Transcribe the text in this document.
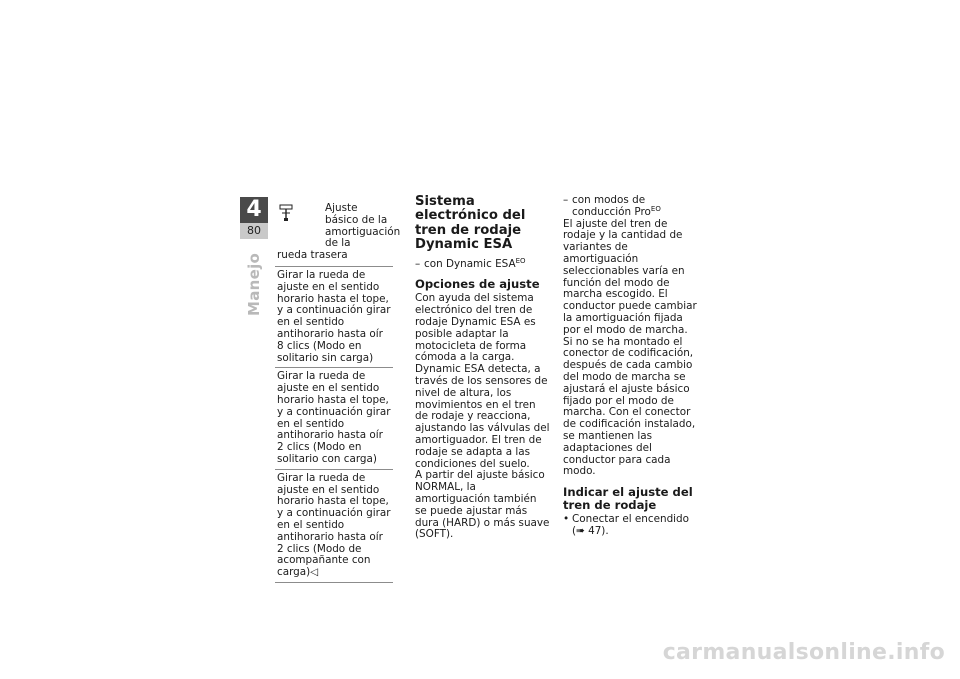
4
80
Manejo
Ajuste básico de la amortiguación de la
rueda trasera
Girar la rueda de ajuste en el sentido horario hasta el tope, y a continuación girar en el sentido antihorario hasta oír 8 clics (Modo en solitario sin carga)
Girar la rueda de ajuste en el sentido horario hasta el tope, y a continuación girar en el sentido antihorario hasta oír 2 clics (Modo en solitario con carga)
Girar la rueda de ajuste en el sentido horario hasta el tope, y a continuación girar en el sentido antihorario hasta oír 2 clics (Modo de acompañante con carga)◁
Sistema electrónico del tren de rodaje Dynamic ESA
– con Dynamic $ESA^{EO}$
Opciones de ajuste

Con ayuda del sistema electrónico del tren de rodaje Dynamic ESA es posible adaptar la motocicleta de forma cómoda a la carga.

Dynamic ESA detecta, a través de los sensores de nivel de altura, los movimientos en el tren de rodaje y reacciona, ajustando las válvulas del amortiguador. El tren de rodaje se adapta a las condiciones del suelo.

A partir del ajuste básico NORMAL, la amortiguación también se puede ajustar más dura (HARD) o más suave (SOFT).

– con modos de conducción Pro$^{EO}$

El ajuste del tren de rodaje y la cantidad de variantes de amortiguación seleccionables varía en función del modo de marcha escogido. El conductor puede cambiar la amortiguación fijada por el modo de marcha.

Si no se ha montado el conector de codificación, después de cada cambio del modo de marcha se ajustará el ajuste básico fijado por el modo de marcha. Con el conector de codificación instalado, se mantienen las adaptaciones del conductor para cada modo.

Indicar el ajuste del tren de rodaje
• Conectar el encendido (➠ 47).
carmanualsonline.info
